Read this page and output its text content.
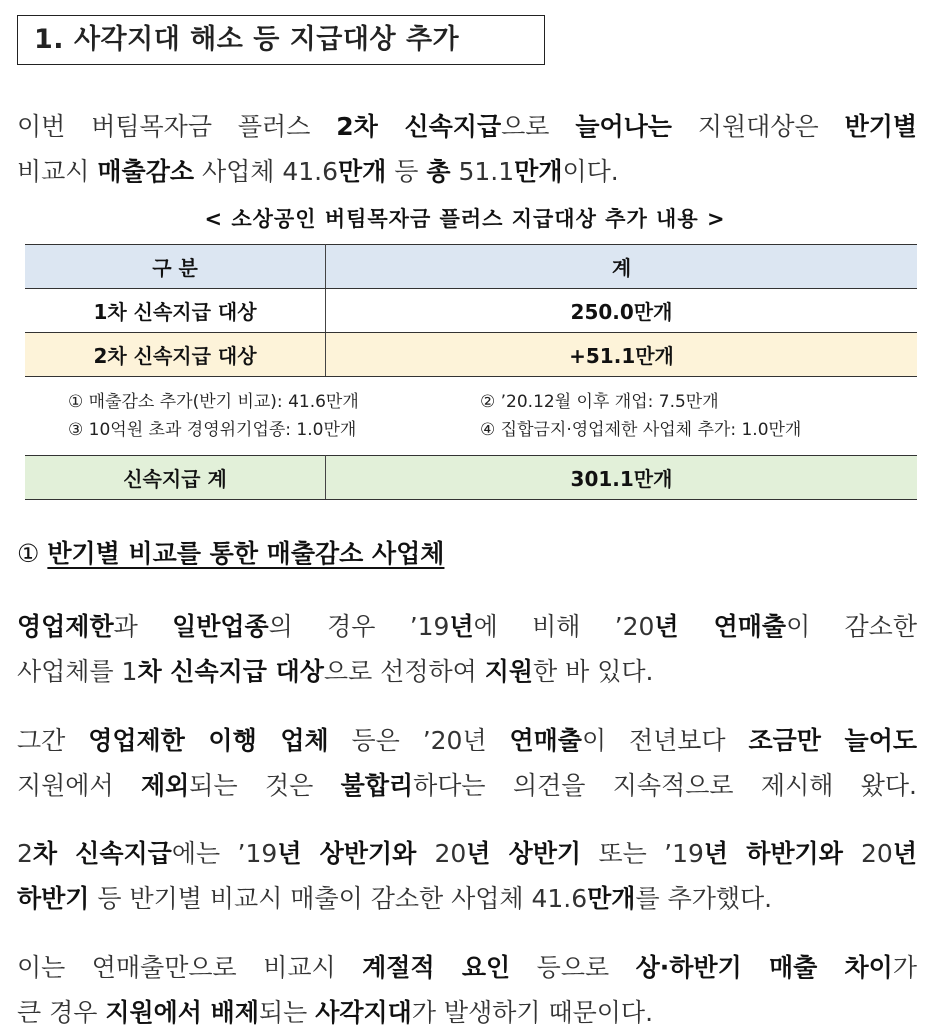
1. 사각지대 해소 등 지급대상 추가
이번 버팀목자금 플러스 2차 신속지급으로 늘어나는 지원대상은 반기별
비교시 매출감소 사업체 41.6만개 등 총 51.1만개이다.
< 소상공인 버팀목자금 플러스 지급대상 추가 내용 >
구 분	계
1차 신속지급 대상	250.0만개
2차 신속지급 대상	+51.1만개

① 매출감소 추가(반기 비교): 41.6만개 ② ’20.12월 이후 개업: 7.5만개
③ 10억원 초과 경영위기업종: 1.0만개 ④ 집합금지·영업제한 사업체 추가: 1.0만개	

신속지급 계	301.1만개
① 반기별 비교를 통한 매출감소 사업체
영업제한과 일반업종의 경우 ’19년에 비해 ’20년 연매출이 감소한
사업체를 1차 신속지급 대상으로 선정하여 지원한 바 있다.
그간 영업제한 이행 업체 등은 ’20년 연매출이 전년보다 조금만 늘어도
지원에서 제외되는 것은 불합리하다는 의견을 지속적으로 제시해 왔다.
2차 신속지급에는 ’19년 상반기와 20년 상반기 또는 ’19년 하반기와 20년
하반기 등 반기별 비교시 매출이 감소한 사업체 41.6만개를 추가했다.
이는 연매출만으로 비교시 계절적 요인 등으로 상·하반기 매출 차이가
큰 경우 지원에서 배제되는 사각지대가 발생하기 때문이다.
